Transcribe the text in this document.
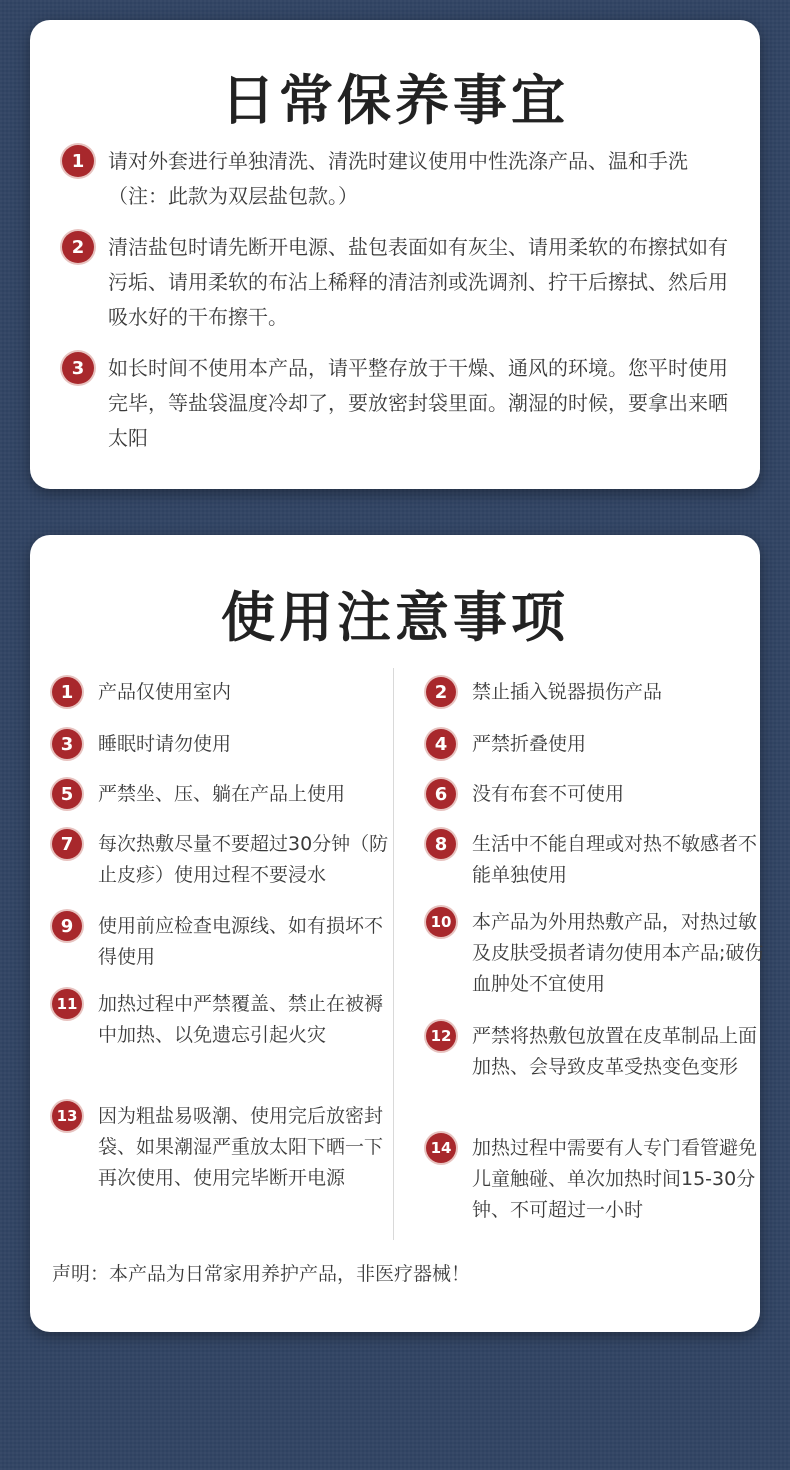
日常保养事宜
1	请对外套进行单独清洗、清洗时建议使用中性洗涤产品、温和手洗（注：此款为双层盐包款。）
2	清洁盐包时请先断开电源、盐包表面如有灰尘、请用柔软的布擦拭如有污垢、请用柔软的布沾上稀释的清洁剂或洗调剂、拧干后擦拭、然后用吸水好的干布擦干。
3	如长时间不使用本产品，请平整存放于干燥、通风的环境。您平时使用完毕，等盐袋温度冷却了，要放密封袋里面。潮湿的时候，要拿出来晒太阳
使用注意事项
1	产品仅使用室内
3	睡眠时请勿使用
5	严禁坐、压、躺在产品上使用
7	每次热敷尽量不要超过30分钟（防止皮疹）使用过程不要浸水
9	使用前应检查电源线、如有损坏不得使用
11 加热过程中严禁覆盖、禁止在被褥中加热、以免遗忘引起火灾
13 因为粗盐易吸潮、使用完后放密封袋、如果潮湿严重放太阳下晒一下再次使用、使用完毕断开电源
2	禁止插入锐器损伤产品
4	严禁折叠使用
6	没有布套不可使用
8	生活中不能自理或对热不敏感者不能单独使用
10 本产品为外用热敷产品，对热过敏及皮肤受损者请勿使用本产品;破伤血肿处不宜使用
12 严禁将热敷包放置在皮革制品上面加热、会导致皮革受热变色变形
14 加热过程中需要有人专门看管避免儿童触碰、单次加热时间15-30分钟、不可超过一小时

声明：本产品为日常家用养护产品，非医疗器械！
